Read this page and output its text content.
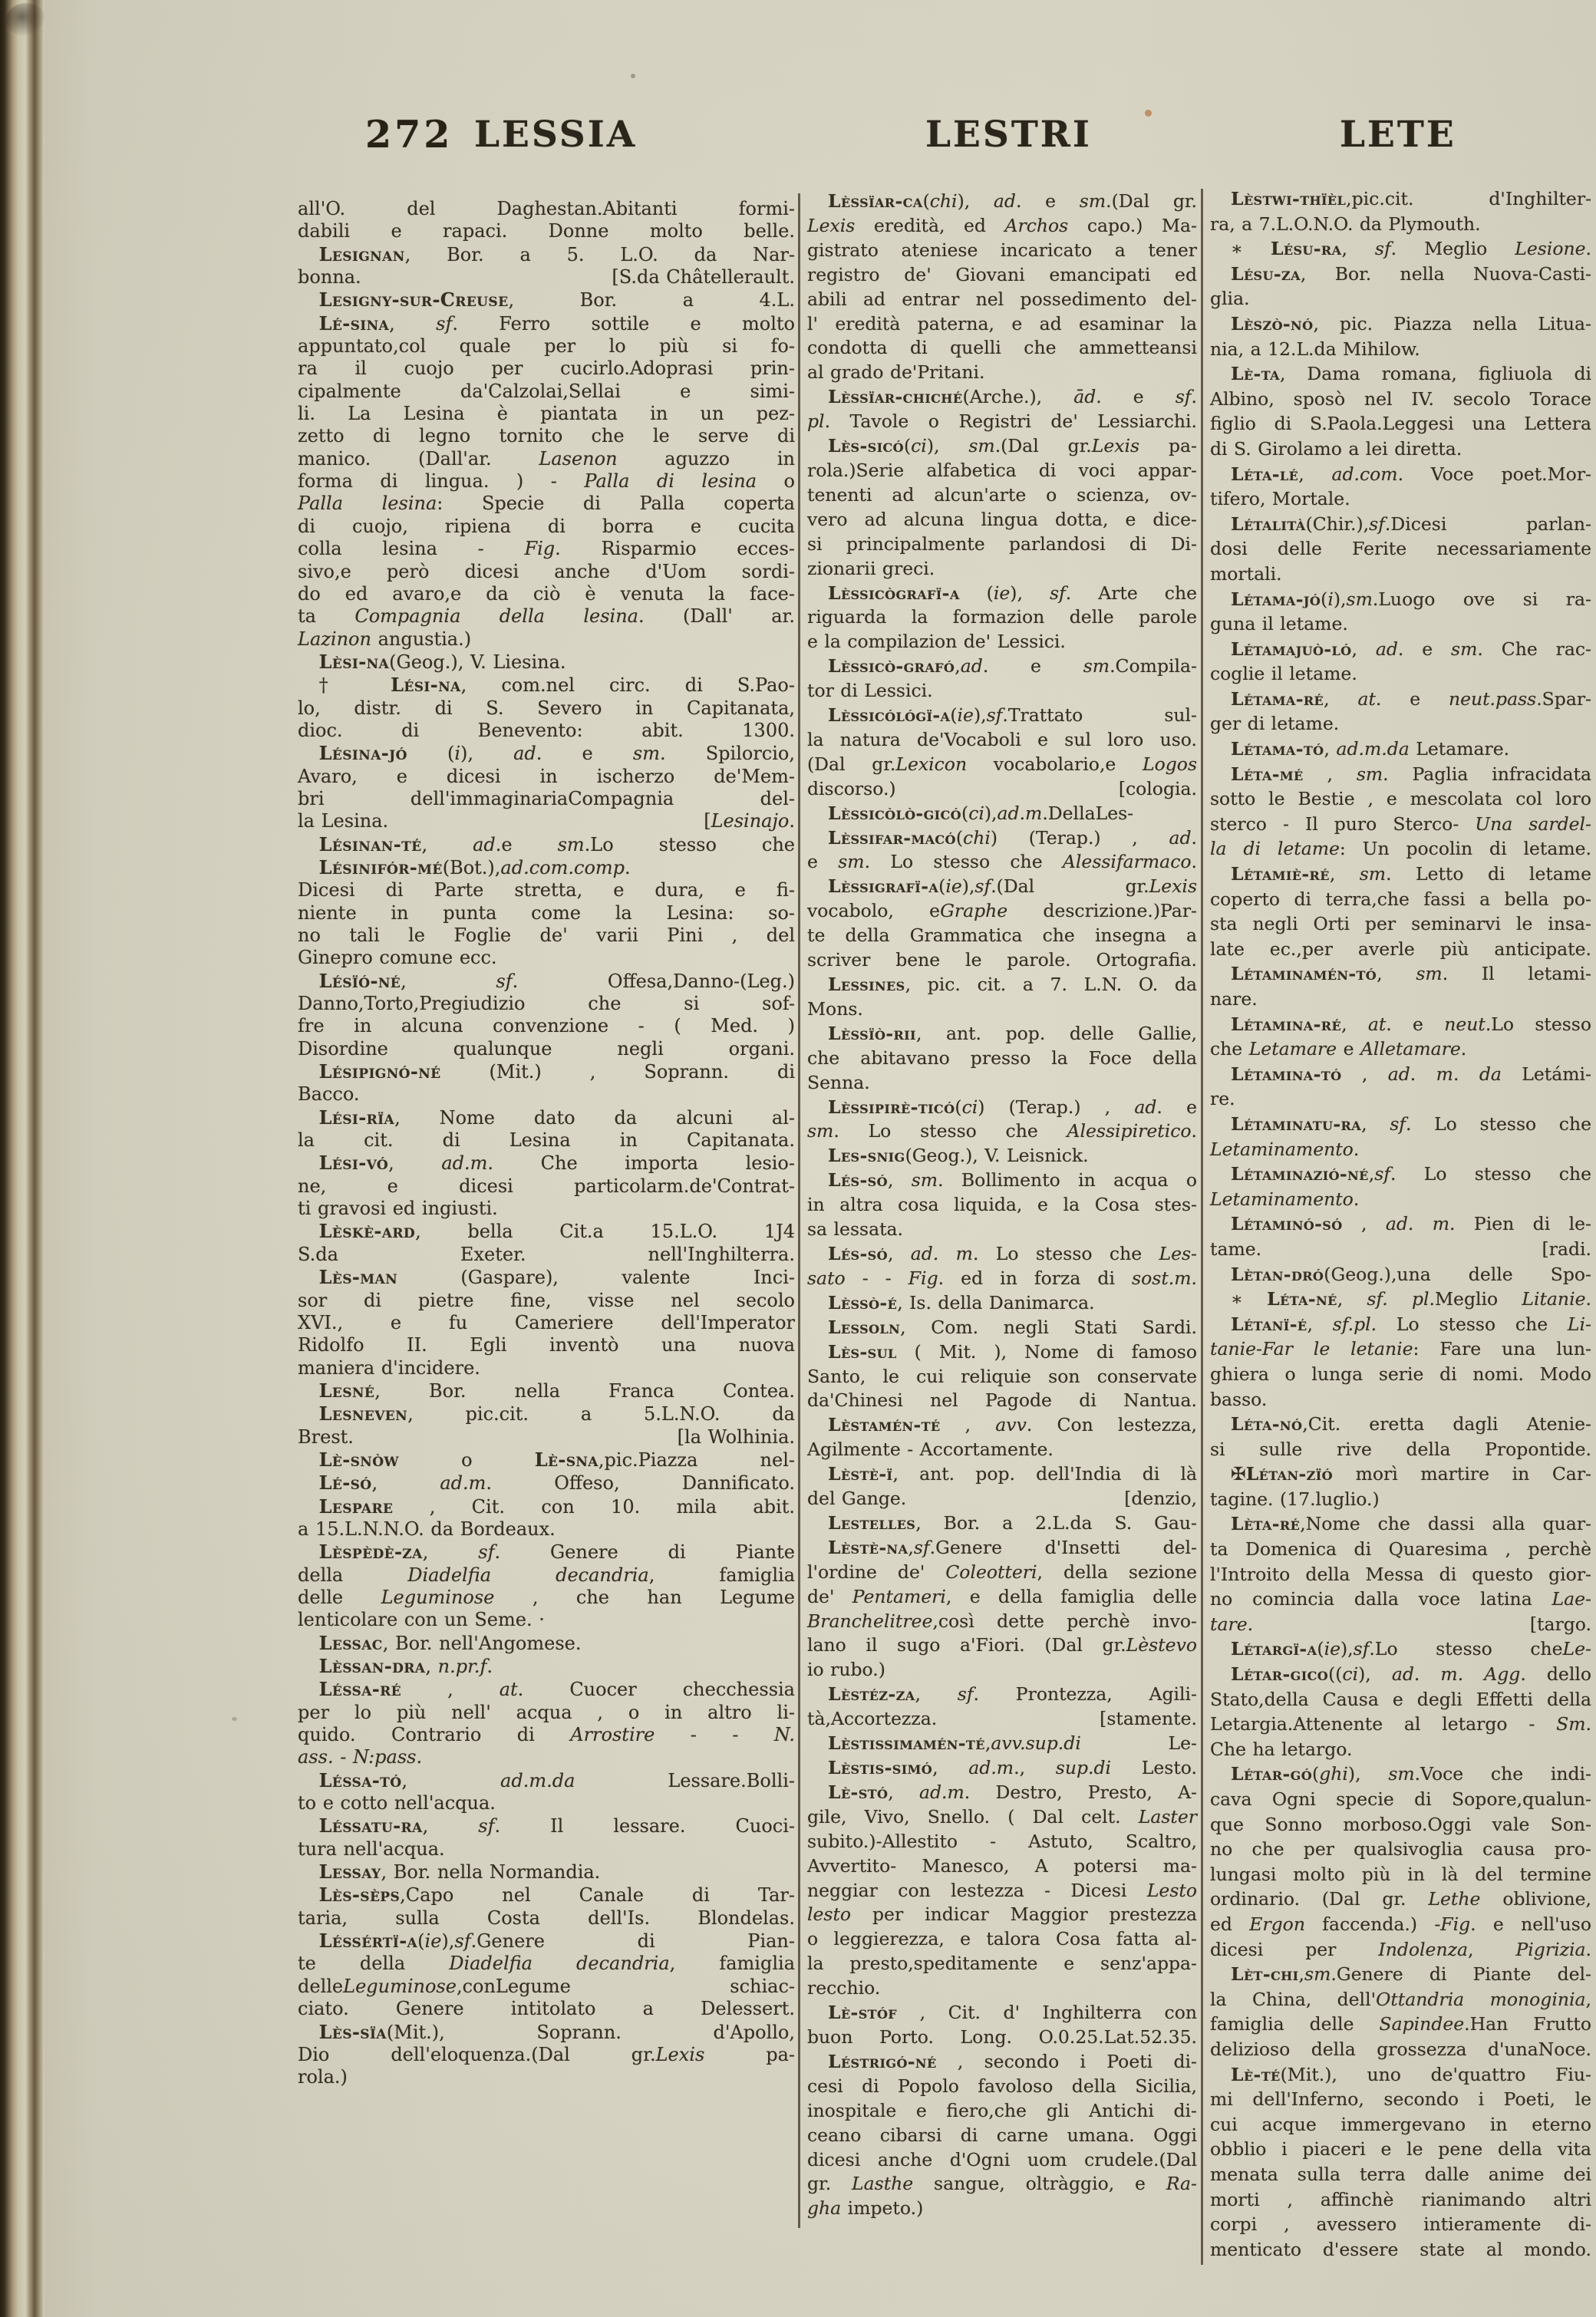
272 LESSIA	LESTRI	LETE
all'O. del Daghestan.Abitanti formi-
dabili e rapaci. Donne molto belle.
Lesignan, Bor. a 5. L.O. da Nar-
bonna.	[S.da Châtellerault.
Lesigny-sur-Creuse, Bor. a 4.L.
Lé-sina, sf. Ferro sottile e molto
appuntato,col quale per lo più si fo-
ra il cuojo per cucirlo.Adoprasi prin-
cipalmente da'Calzolai,Sellai e simi-
li. La Lesina è piantata in un pez-
zetto di legno tornito che le serve di
manico. (Dall'ar. Lasenon aguzzo in
forma di lingua. ) - Palla di lesina o
Palla lesina: Specie di Palla coperta
di cuojo, ripiena di borra e cucita
colla lesina - Fig. Risparmio ecces-
sivo,e però dicesi anche d'Uom sordi-
do ed avaro,e da ciò è venuta la face-
ta Compagnia della lesina. (Dall' ar.
Lazinon angustia.)
Lèsi-na(Geog.), V. Liesina.
† Lési-na, com.nel circ. di S.Pao-
lo, distr. di S. Severo in Capitanata,
dioc. di Benevento: abit. 1300.
Lésina-jó (i), ad. e sm. Spilorcio,
Avaro, e dicesi in ischerzo de'Mem-
bri dell'immaginariaCompagnia del-
la Lesina.	[Lesinajo.
Lésinan-té, ad.e sm.Lo stesso che
Lésinifór-mé(Bot.),ad.com.comp.
Dicesi di Parte stretta, e dura, e fi-
niente in punta come la Lesina: so-
no tali le Foglie de' varii Pini , del
Ginepro comune ecc.
Lésïó-né, sf. Offesa,Danno-(Leg.)
Danno,Torto,Pregiudizio che si sof-
fre in alcuna convenzione - ( Med. )
Disordine qualunque negli organi.
Lésipignó-né (Mit.) , Soprann. di
Bacco.
Lési-rïa, Nome dato da alcuni al-
la cit. di Lesina in Capitanata.
Lési-vó, ad.m. Che importa lesio-
ne, e dicesi particolarm.de'Contrat-
ti gravosi ed ingiusti.
Lèskè-ard, bella Cit.a 15.L.O. 1J4
S.da Exeter. nell'Inghilterra.
Lès-man (Gaspare), valente Inci-
sor di pietre fine, visse nel secolo
XVI., e fu Cameriere dell'Imperator
Ridolfo II. Egli inventò una nuova
maniera d'incidere.
Lesné, Bor. nella Franca Contea.
Lesneven, pic.cit. a 5.L.N.O. da
Brest.	[la Wolhinia.
Lè-snòw o Lè-sna,pic.Piazza nel-
Lé-só, ad.m. Offeso, Dannificato.
Lespare , Cit. con 10. mila abit.
a 15.L.N.N.O. da Bordeaux.
Lèspèdè-za, sf. Genere di Piante
della Diadelfia decandria, famiglia
delle Leguminose , che han Legume
lenticolare con un Seme. ·
Lessac, Bor. nell'Angomese.
Lèssan-dra, n.pr.f.
Léssa-ré , at. Cuocer checchessia
per lo più nell' acqua , o in altro li-
quido. Contrario di Arrostire - - N.
ass. - N:pass.
Léssa-tó, ad.m.da Lessare.Bolli-
to e cotto nell'acqua.
Léssatu-ra, sf. Il lessare. Cuoci-
tura nell'acqua.
Lessay, Bor. nella Normandia.
Lès-sèps,Capo nel Canale di Tar-
taria, sulla Costa dell'Is. Blondelas.
Léssértï-a(ie),sf.Genere di Pian-
te della Diadelfia decandria, famiglia
delleLeguminose,conLegume schiac-
ciato. Genere intitolato a Delessert.
Lès-sïa(Mit.), Soprann. d'Apollo,
Dio dell'eloquenza.(Dal gr.Lexis pa-
rola.)
Lèssïar-ca(chi), ad. e sm.(Dal gr.
Lexis eredità, ed Archos capo.) Ma-
gistrato ateniese incaricato a tener
registro de' Giovani emancipati ed
abili ad entrar nel possedimento del-
l' eredità paterna, e ad esaminar la
condotta di quelli che ammetteansi
al grado de'Pritani.
Lèssïar-chiché(Arche.), ād. e sf.
pl. Tavole o Registri de' Lessiarchi.
Lès-sicó(ci), sm.(Dal gr.Lexis pa-
rola.)Serie alfabetica di voci appar-
tenenti ad alcun'arte o scienza, ov-
vero ad alcuna lingua dotta, e dice-
si principalmente parlandosi di Di-
zionarii greci.
Lèssicògrafï-a (ie), sf. Arte che
riguarda la formazion delle parole
e la compilazion de' Lessici.
Lèssicò-grafó,ad. e sm.Compila-
tor di Lessici.
Lèssicólógï-a(ie),sf.Trattato sul-
la natura de'Vocaboli e sul loro uso.
(Dal gr.Lexicon vocabolario,e Logos
discorso.)	[cologia.
Lèssicòlò-gicó(ci),ad.m.DellaLes-
Lèssifar-macó(chi) (Terap.) , ad.
e sm. Lo stesso che Alessifarmaco.
Lèssigrafï-a(ie),sf.(Dal gr.Lexis
vocabolo, eGraphe descrizione.)Par-
te della Grammatica che insegna a
scriver bene le parole. Ortografia.
Lessines, pic. cit. a 7. L.N. O. da
Mons.
Lèssïò-rii, ant. pop. delle Gallie,
che abitavano presso la Foce della
Senna.
Lèssipirè-ticó(ci) (Terap.) , ad. e
sm. Lo stesso che Alessipiretico.
Les-snig(Geog.), V. Leisnick.
Lés-só, sm. Bollimento in acqua o
in altra cosa liquida, e la Cosa stes-
sa lessata.
Lés-só, ad. m. Lo stesso che Les-
sato - - Fig. ed in forza di sost.m.
Lèssò-é, Is. della Danimarca.
Lessoln, Com. negli Stati Sardi.
Lès-sul ( Mit. ), Nome di famoso
Santo, le cui reliquie son conservate
da'Chinesi nel Pagode di Nantua.
Lèstamén-té , avv. Con lestezza,
Agilmente - Accortamente.
Lèstè-ï, ant. pop. dell'India di là
del Gange.	[denzio,
Lestelles, Bor. a 2.L.da S. Gau-
Lèstè-na,sf.Genere d'Insetti del-
l'ordine de' Coleotteri, della sezione
de' Pentameri, e della famiglia delle
Branchelitree,così dette perchè invo-
lano il sugo a'Fiori. (Dal gr.Lèstevo
io rubo.)
Lèstéz-za, sf. Prontezza, Agili-
tà,Accortezza.	[stamente.
Lèstissimamén-té,avv.sup.di Le-
Lèstis-simó, ad.m., sup.di Lesto.
Lè-stó, ad.m. Destro, Presto, A-
gile, Vivo, Snello. ( Dal celt. Laster
subito.)-Allestito - Astuto, Scaltro,
Avvertito- Manesco, A potersi ma-
neggiar con lestezza - Dicesi Lesto
lesto per indicar Maggior prestezza
o leggierezza, e talora Cosa fatta al-
la presto,speditamente e senz'appa-
recchio.
Lè-stóf , Cit. d' Inghilterra con
buon Porto. Long. O.0.25.Lat.52.35.
Léstrigó-né , secondo i Poeti di-
cesi di Popolo favoloso della Sicilia,
inospitale e fiero,che gli Antichi di-
ceano cibarsi di carne umana. Oggi
dicesi anche d'Ogni uom crudele.(Dal
gr. Lasthe sangue, oltràggio, e Ra-
gha impeto.)
Lèstwi-thïèl,pic.cit. d'Inghilter-
ra, a 7.L.O.N.O. da Plymouth.
∗ Lésu-ra, sf. Meglio Lesione.
Lésu-za, Bor. nella Nuova-Casti-
glia.
Lèszò-nó, pic. Piazza nella Litua-
nia, a 12.L.da Mihilow.
Lè-ta, Dama romana, figliuola di
Albino, sposò nel IV. secolo Torace
figlio di S.Paola.Leggesi una Lettera
di S. Girolamo a lei diretta.
Léta-lé, ad.com. Voce poet.Mor-
tifero, Mortale.
Létalità(Chir.),sf.Dicesi parlan-
dosi delle Ferite necessariamente
mortali.
Létama-jó(i),sm.Luogo ove si ra-
guna il letame.
Létamajuò-ló, ad. e sm. Che rac-
coglie il letame.
Létama-ré, at. e neut.pass.Spar-
ger di letame.
Létama-tó, ad.m.da Letamare.
Léta-mé , sm. Paglia infracidata
sotto le Bestie , e mescolata col loro
sterco - Il puro Sterco- Una sardel-
la di letame: Un pocolin di letame.
Létamiè-ré, sm. Letto di letame
coperto di terra,che fassi a bella po-
sta negli Orti per seminarvi le insa-
late ec.,per averle più anticipate.
Létaminamén-tó, sm. Il letami-
nare.
Létamina-ré, at. e neut.Lo stesso
che Letamare e Alletamare.
Létamina-tó , ad. m. da Letámi-
re.
Létaminatu-ra, sf. Lo stesso che
Letaminamento.
Létaminazió-né,sf. Lo stesso che
Letaminamento.
Létaminó-só , ad. m. Pien di le-
tame.	[radi.
Lètan-dró(Geog.),una delle Spo-
∗ Léta-né, sf. pl.Meglio Litanie.
Létanï-é, sf.pl. Lo stesso che Li-
tanie-Far le letanie: Fare una lun-
ghiera o lunga serie di nomi. Modo
basso.
Léta-nó,Cit. eretta dagli Atenie-
si sulle rive della Propontide.
✠Létan-zïó morì martire in Car-
tagine. (17.luglio.)
Lèta-ré,Nome che dassi alla quar-
ta Domenica di Quaresima , perchè
l'Introito della Messa di questo gior-
no comincia dalla voce latina Lae-
tare.	[targo.
Létargï-a(ie),sf.Lo stesso cheLe-
Létar-gico((ci), ad. m. Agg. dello
Stato,della Causa e degli Effetti della
Letargia.Attenente al letargo - Sm.
Che ha letargo.
Létar-gó(ghi), sm.Voce che indi-
cava Ogni specie di Sopore,qualun-
que Sonno morboso.Oggi vale Son-
no che per qualsivoglia causa pro-
lungasi molto più in là del termine
ordinario. (Dal gr. Lethe oblivione,
ed Ergon faccenda.) -Fig. e nell'uso
dicesi per Indolenza, Pigrizia.
Lèt-chi,sm.Genere di Piante del-
la China, dell'Ottandria monoginia,
famiglia delle Sapindee.Han Frutto
delizioso della grossezza d'unaNoce.
Lè-té(Mit.), uno de'quattro Fiu-
mi dell'Inferno, secondo i Poeti, le
cui acque immergevano in eterno
obblio i piaceri e le pene della vita
menata sulla terra dalle anime dei
morti , affinchè rianimando altri
corpi , avessero intieramente di-
menticato d'essere state al mondo.
